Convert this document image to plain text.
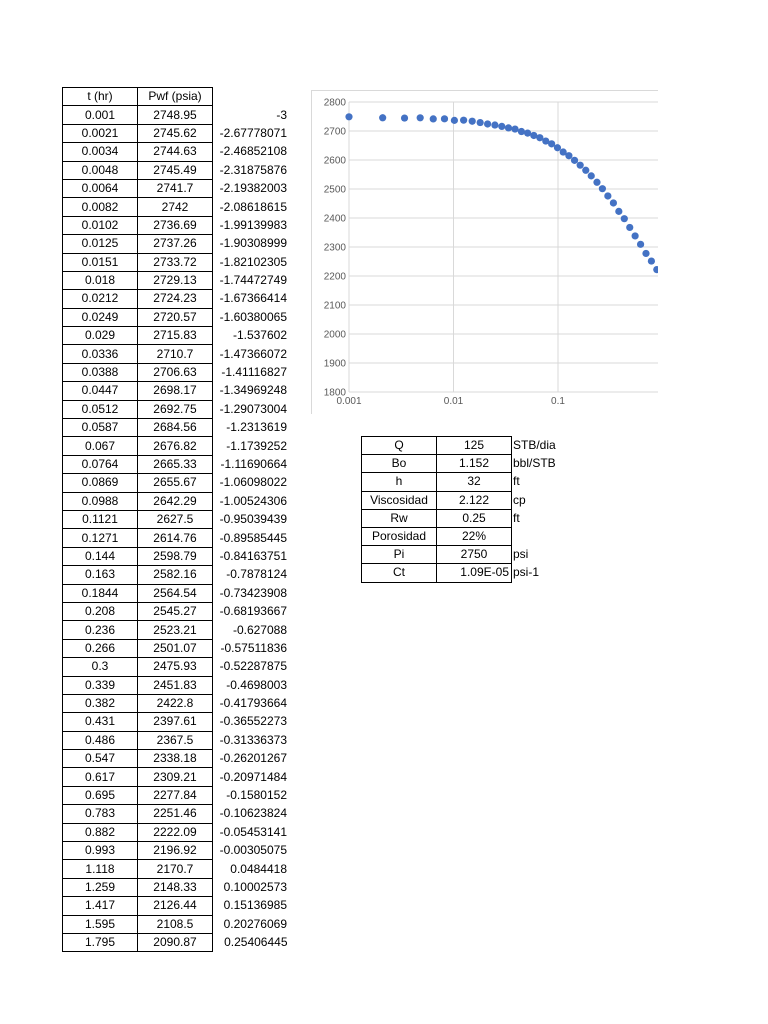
t (hr)	Pwf (psia)	
0.001	2748.95	-3
0.0021	2745.62	-2.67778071
0.0034	2744.63	-2.46852108
0.0048	2745.49	-2.31875876
0.0064	2741.7	-2.19382003
0.0082	2742	-2.08618615
0.0102	2736.69	-1.99139983
0.0125	2737.26	-1.90308999
0.0151	2733.72	-1.82102305
0.018	2729.13	-1.74472749
0.0212	2724.23	-1.67366414
0.0249	2720.57	-1.60380065
0.029	2715.83	-1.537602
0.0336	2710.7	-1.47366072
0.0388	2706.63	-1.41116827
0.0447	2698.17	-1.34969248
0.0512	2692.75	-1.29073004
0.0587	2684.56	-1.2313619
0.067	2676.82	-1.1739252
0.0764	2665.33	-1.11690664
0.0869	2655.67	-1.06098022
0.0988	2642.29	-1.00524306
0.1121	2627.5	-0.95039439
0.1271	2614.76	-0.89585445
0.144	2598.79	-0.84163751
0.163	2582.16	-0.7878124
0.1844	2564.54	-0.73423908
0.208	2545.27	-0.68193667
0.236	2523.21	-0.627088
0.266	2501.07	-0.57511836
0.3	2475.93	-0.52287875
0.339	2451.83	-0.4698003
0.382	2422.8	-0.41793664
0.431	2397.61	-0.36552273
0.486	2367.5	-0.31336373
0.547	2338.18	-0.26201267
0.617	2309.21	-0.20971484
0.695	2277.84	-0.1580152
0.783	2251.46	-0.10623824
0.882	2222.09	-0.05453141
0.993	2196.92	-0.00305075
1.118	2170.7	0.0484418
1.259	2148.33	0.10002573
1.417	2126.44	0.15136985
1.595	2108.5	0.20276069
1.795	2090.87	0.25406445
1800
1900
2000
2100
2200
2300
2400
2500
2600
2700
2800
0.001	0.01	0.1
Q	125	STB/dia
Bo	1.152	bbl/STB
h	32	ft
Viscosidad	2.122	cp
Rw	0.25	ft
Porosidad	22%	
Pi	2750	psi
Ct	1.09E-05	psi-1
